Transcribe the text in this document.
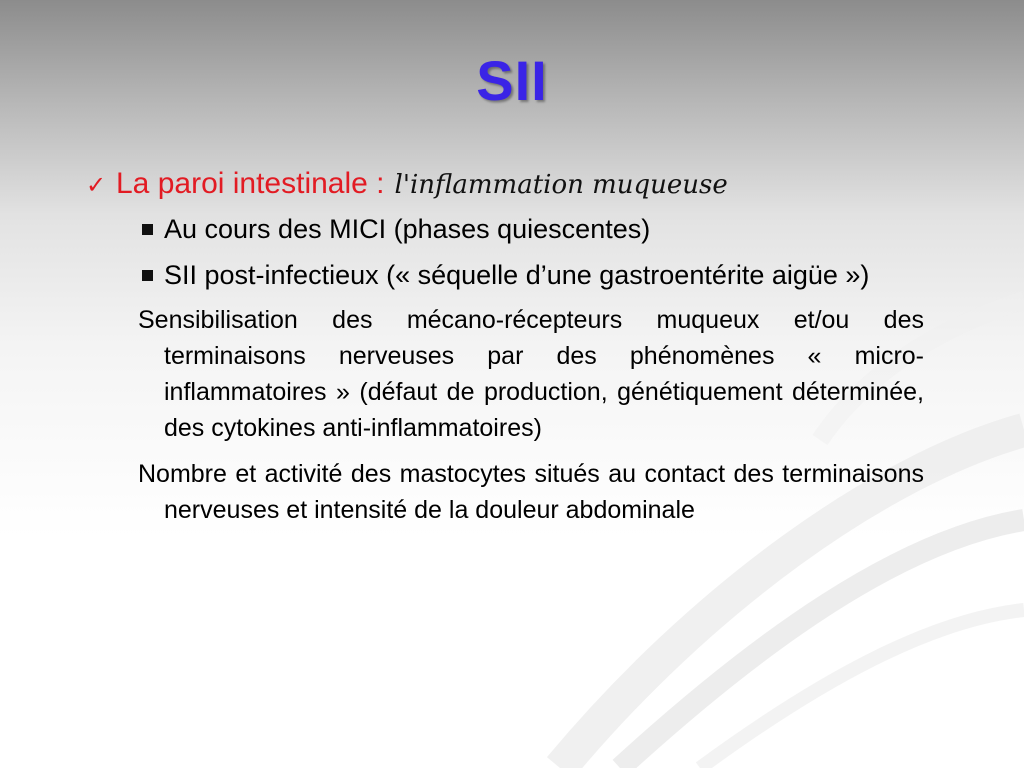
SII
✓ La paroi intestinale : l'inflammation muqueuse
Au cours des MICI (phases quiescentes)
SII post-infectieux (« séquelle d’une gastroentérite aigüe »)
Sensibilisation des mécano-récepteurs muqueux et/ou des terminaisons nerveuses par des phénomènes « micro-inflammatoires » (défaut de production, génétiquement déterminée, des cytokines anti-inflammatoires)
Nombre et activité des mastocytes situés au contact des terminaisons nerveuses et intensité de la douleur abdominale
